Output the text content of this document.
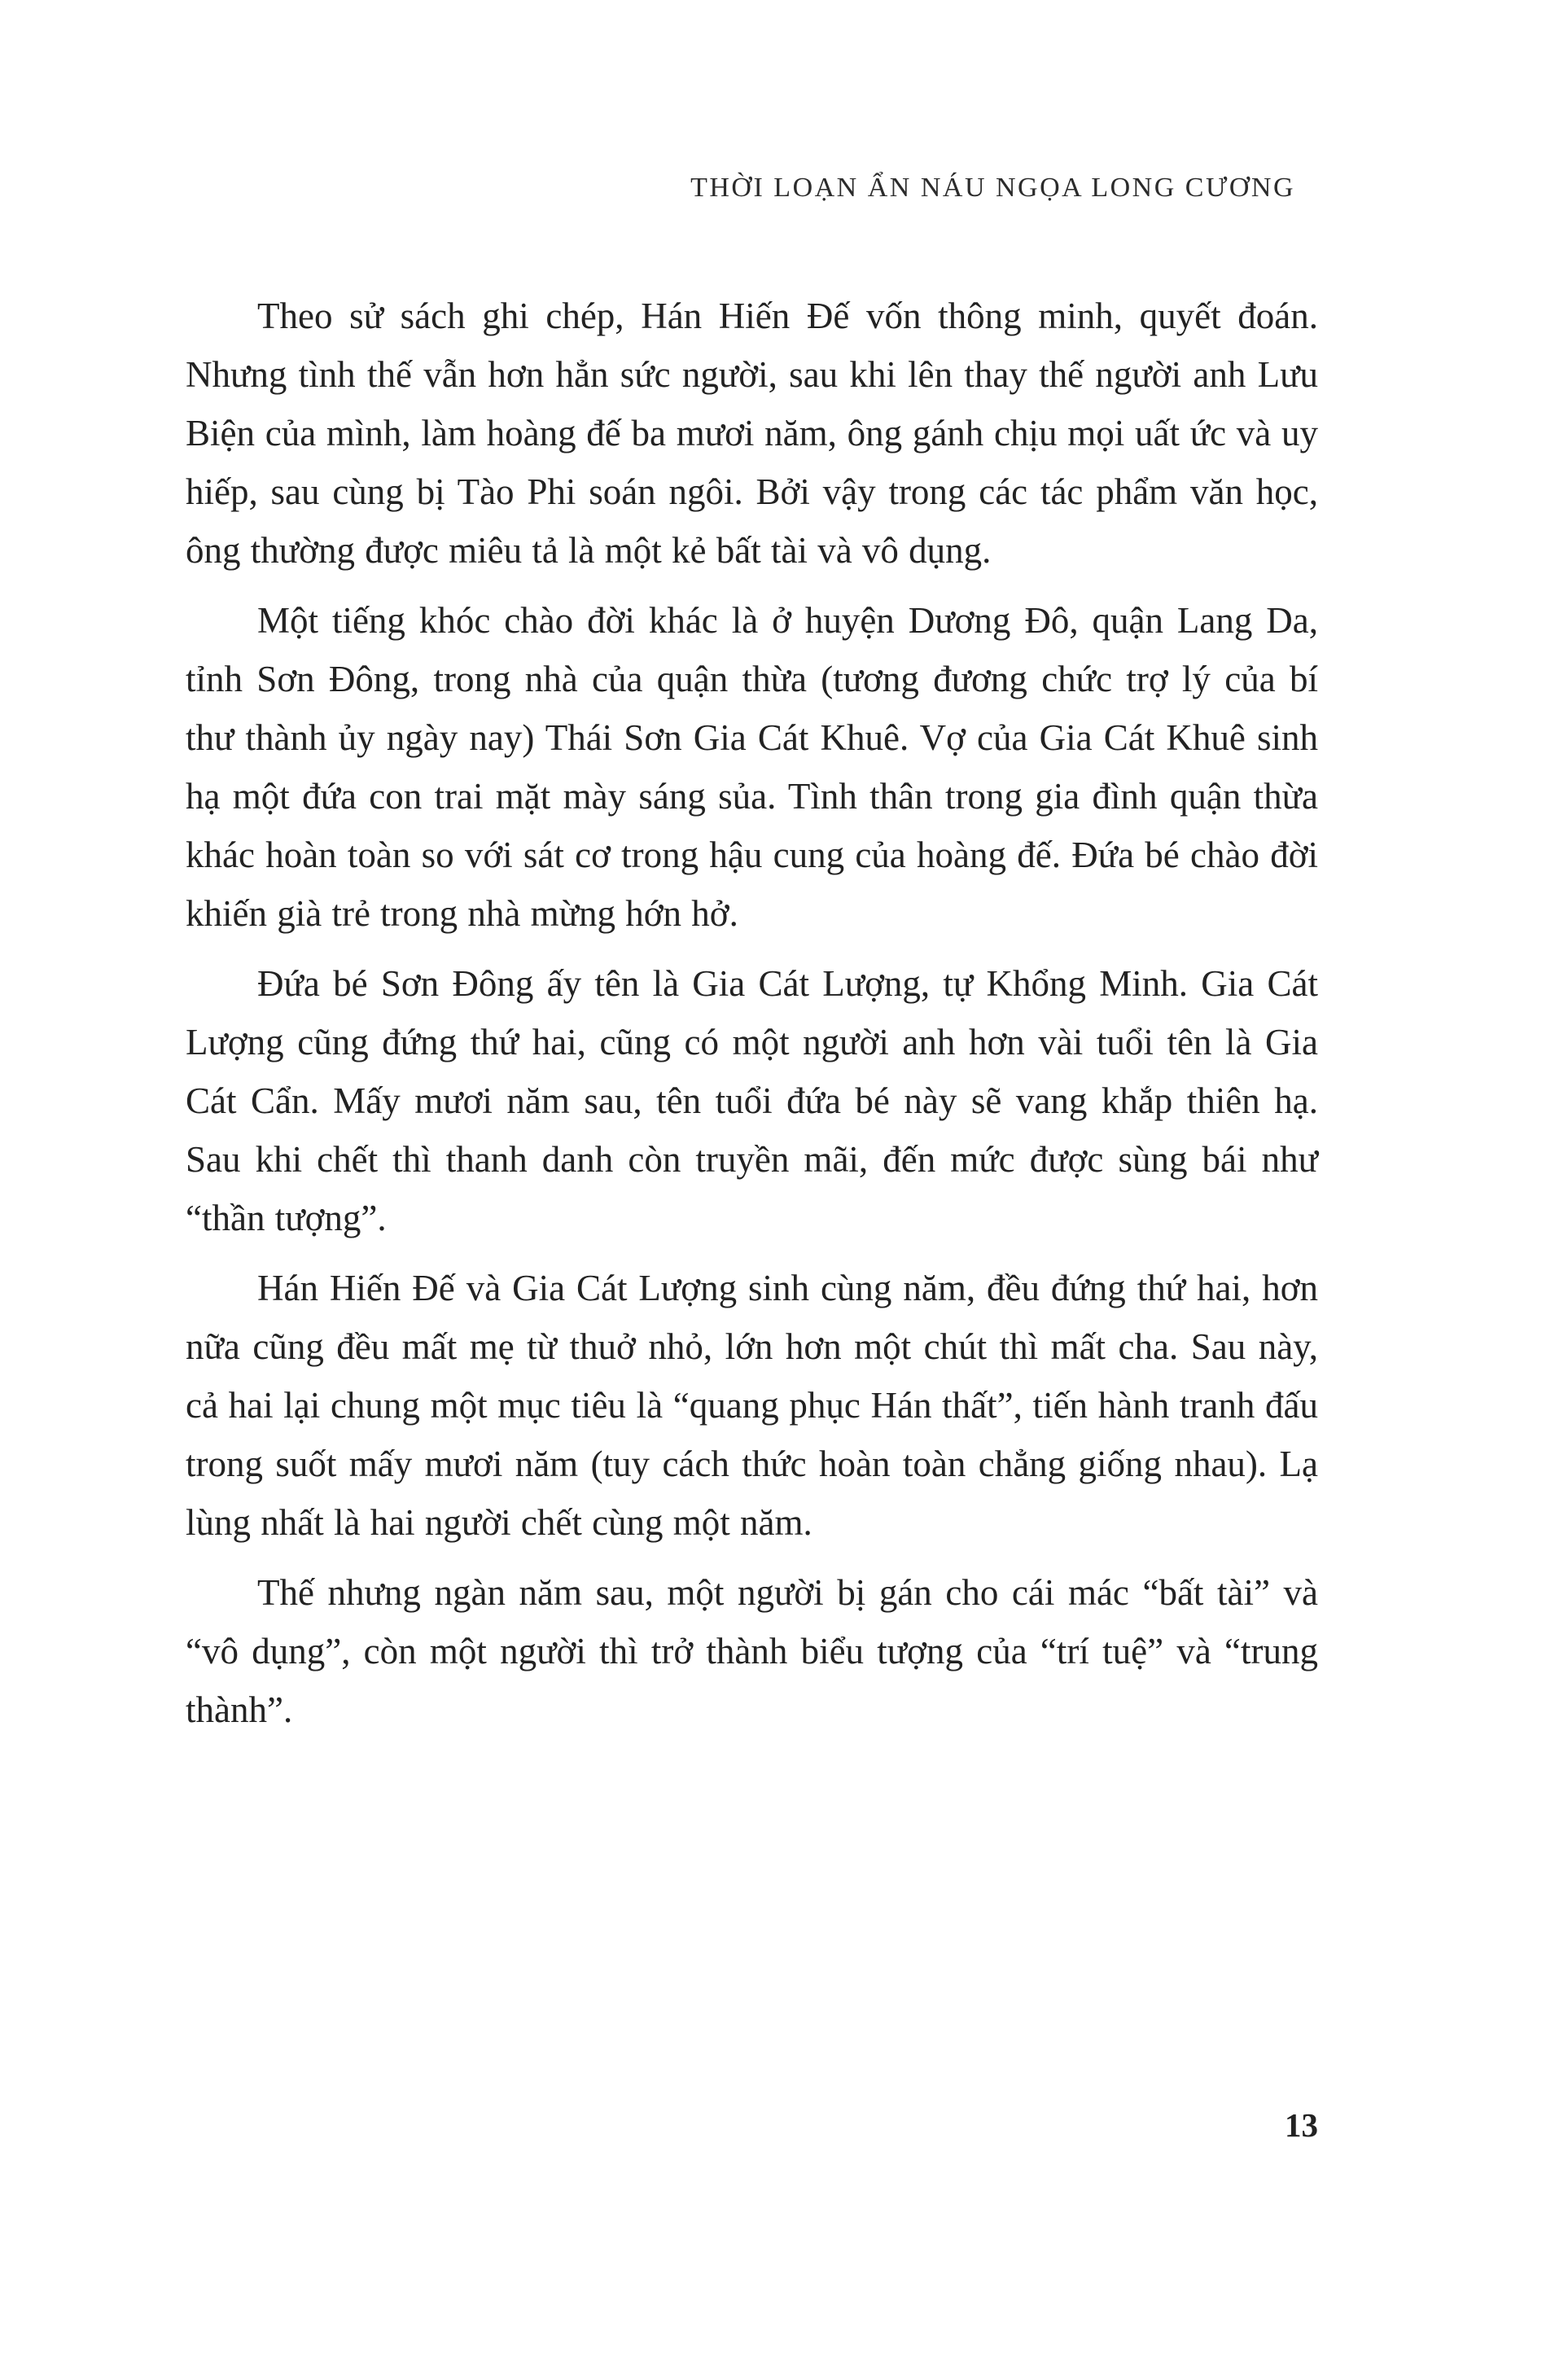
THỜI LOẠN ẨN NÁU NGỌA LONG CƯƠNG

Theo sử sách ghi chép, Hán Hiến Đế vốn thông minh, quyết đoán. Nhưng tình thế vẫn hơn hẳn sức người, sau khi lên thay thế người anh Lưu Biện của mình, làm hoàng đế ba mươi năm, ông gánh chịu mọi uất ức và uy hiếp, sau cùng bị Tào Phi soán ngôi. Bởi vậy trong các tác phẩm văn học, ông thường được miêu tả là một kẻ bất tài và vô dụng.

Một tiếng khóc chào đời khác là ở huyện Dương Đô, quận Lang Da, tỉnh Sơn Đông, trong nhà của quận thừa (tương đương chức trợ lý của bí thư thành ủy ngày nay) Thái Sơn Gia Cát Khuê. Vợ của Gia Cát Khuê sinh hạ một đứa con trai mặt mày sáng sủa. Tình thân trong gia đình quận thừa khác hoàn toàn so với sát cơ trong hậu cung của hoàng đế. Đứa bé chào đời khiến già trẻ trong nhà mừng hớn hở.

Đứa bé Sơn Đông ấy tên là Gia Cát Lượng, tự Khổng Minh. Gia Cát Lượng cũng đứng thứ hai, cũng có một người anh hơn vài tuổi tên là Gia Cát Cẩn. Mấy mươi năm sau, tên tuổi đứa bé này sẽ vang khắp thiên hạ. Sau khi chết thì thanh danh còn truyền mãi, đến mức được sùng bái như “thần tượng”.

Hán Hiến Đế và Gia Cát Lượng sinh cùng năm, đều đứng thứ hai, hơn nữa cũng đều mất mẹ từ thuở nhỏ, lớn hơn một chút thì mất cha. Sau này, cả hai lại chung một mục tiêu là “quang phục Hán thất”, tiến hành tranh đấu trong suốt mấy mươi năm (tuy cách thức hoàn toàn chẳng giống nhau). Lạ lùng nhất là hai người chết cùng một năm.

Thế nhưng ngàn năm sau, một người bị gán cho cái mác “bất tài” và “vô dụng”, còn một người thì trở thành biểu tượng của “trí tuệ” và “trung thành”.

13
